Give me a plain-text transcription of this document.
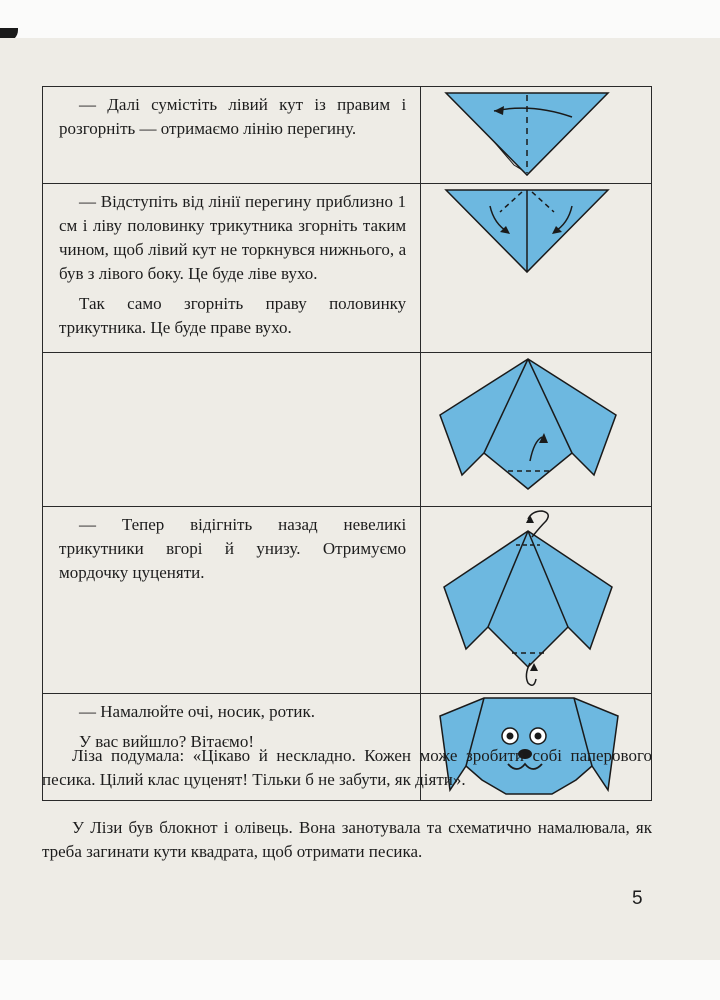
— Далі сумістіть лівий кут із правим і розгорніть — отримаємо лінію перегину.

— Відступіть від лінії перегину приблизно 1 см і ліву половинку трикутника згорніть таким чином, щоб лівий кут не торкнувся нижнього, а був з лівого боку. Це буде ліве вухо.

Так само згорніть праву половинку трикутника. Це буде праве вухо.

— Тепер відігніть назад невеликі трикутники вгорі й унизу. Отримуємо мордочку цуценяти.

— Намалюйте очі, носик, ротик.

У вас вийшло? Вітаємо!

Ліза подумала: «Цікаво й нескладно. Кожен може зробити собі паперового песика. Цілий клас цуценят! Тільки б не забути, як діяти».

У Лізи був блокнот і олівець. Вона занотувала та схематично намалювала, як треба загинати кути квадрата, щоб отримати песика.

5
